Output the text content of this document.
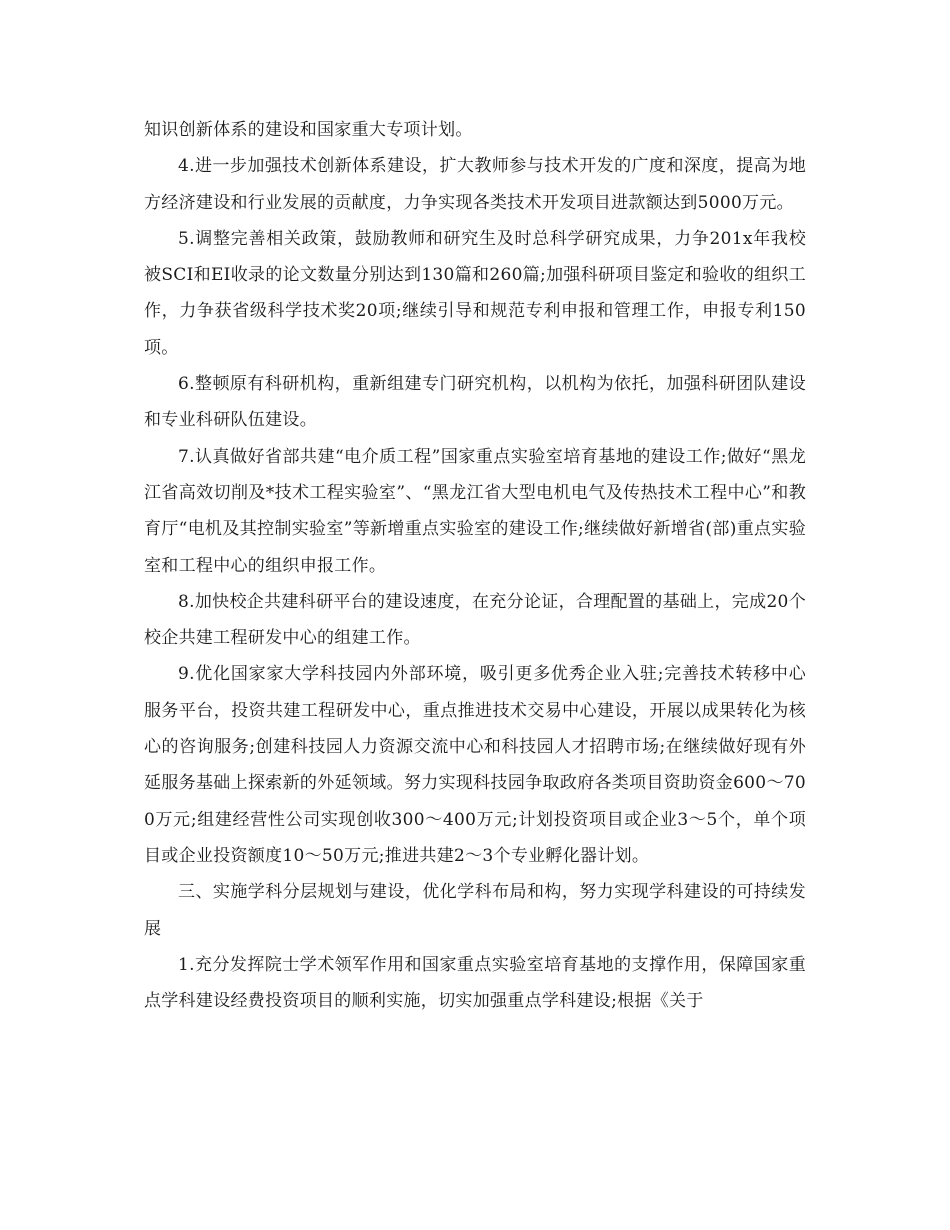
知识创新体系的建设和国家重大专项计划。

4.进一步加强技术创新体系建设，扩大教师参与技术开发的广度和深度，提高为地方经济建设和行业发展的贡献度，力争实现各类技术开发项目进款额达到5000万元。

5.调整完善相关政策，鼓励教师和研究生及时总科学研究成果，力争201x年我校被SCI和EI收录的论文数量分别达到130篇和260篇;加强科研项目鉴定和验收的组织工作，力争获省级科学技术奖20项;继续引导和规范专利申报和管理工作，申报专利150项。

6.整顿原有科研机构，重新组建专门研究机构，以机构为依托，加强科研团队建设和专业科研队伍建设。

7.认真做好省部共建“电介质工程”国家重点实验室培育基地的建设工作;做好“黑龙江省高效切削及*技术工程实验室”、“黑龙江省大型电机电气及传热技术工程中心”和教育厅“电机及其控制实验室”等新增重点实验室的建设工作;继续做好新增省(部)重点实验室和工程中心的组织申报工作。

8.加快校企共建科研平台的建设速度，在充分论证，合理配置的基础上，完成20个校企共建工程研发中心的组建工作。

9.优化国家家大学科技园内外部环境，吸引更多优秀企业入驻;完善技术转移中心服务平台，投资共建工程研发中心，重点推进技术交易中心建设，开展以成果转化为核心的咨询服务;创建科技园人力资源交流中心和科技园人才招聘市场;在继续做好现有外延服务基础上探索新的外延领域。努力实现科技园争取政府各类项目资助资金600～700万元;组建经营性公司实现创收300～400万元;计划投资项目或企业3～5个，单个项目或企业投资额度10～50万元;推进共建2～3个专业孵化器计划。

三、实施学科分层规划与建设，优化学科布局和构，努力实现学科建设的可持续发展

1.充分发挥院士学术领军作用和国家重点实验室培育基地的支撑作用，保障国家重点学科建设经费投资项目的顺利实施，切实加强重点学科建设;根据《关于
